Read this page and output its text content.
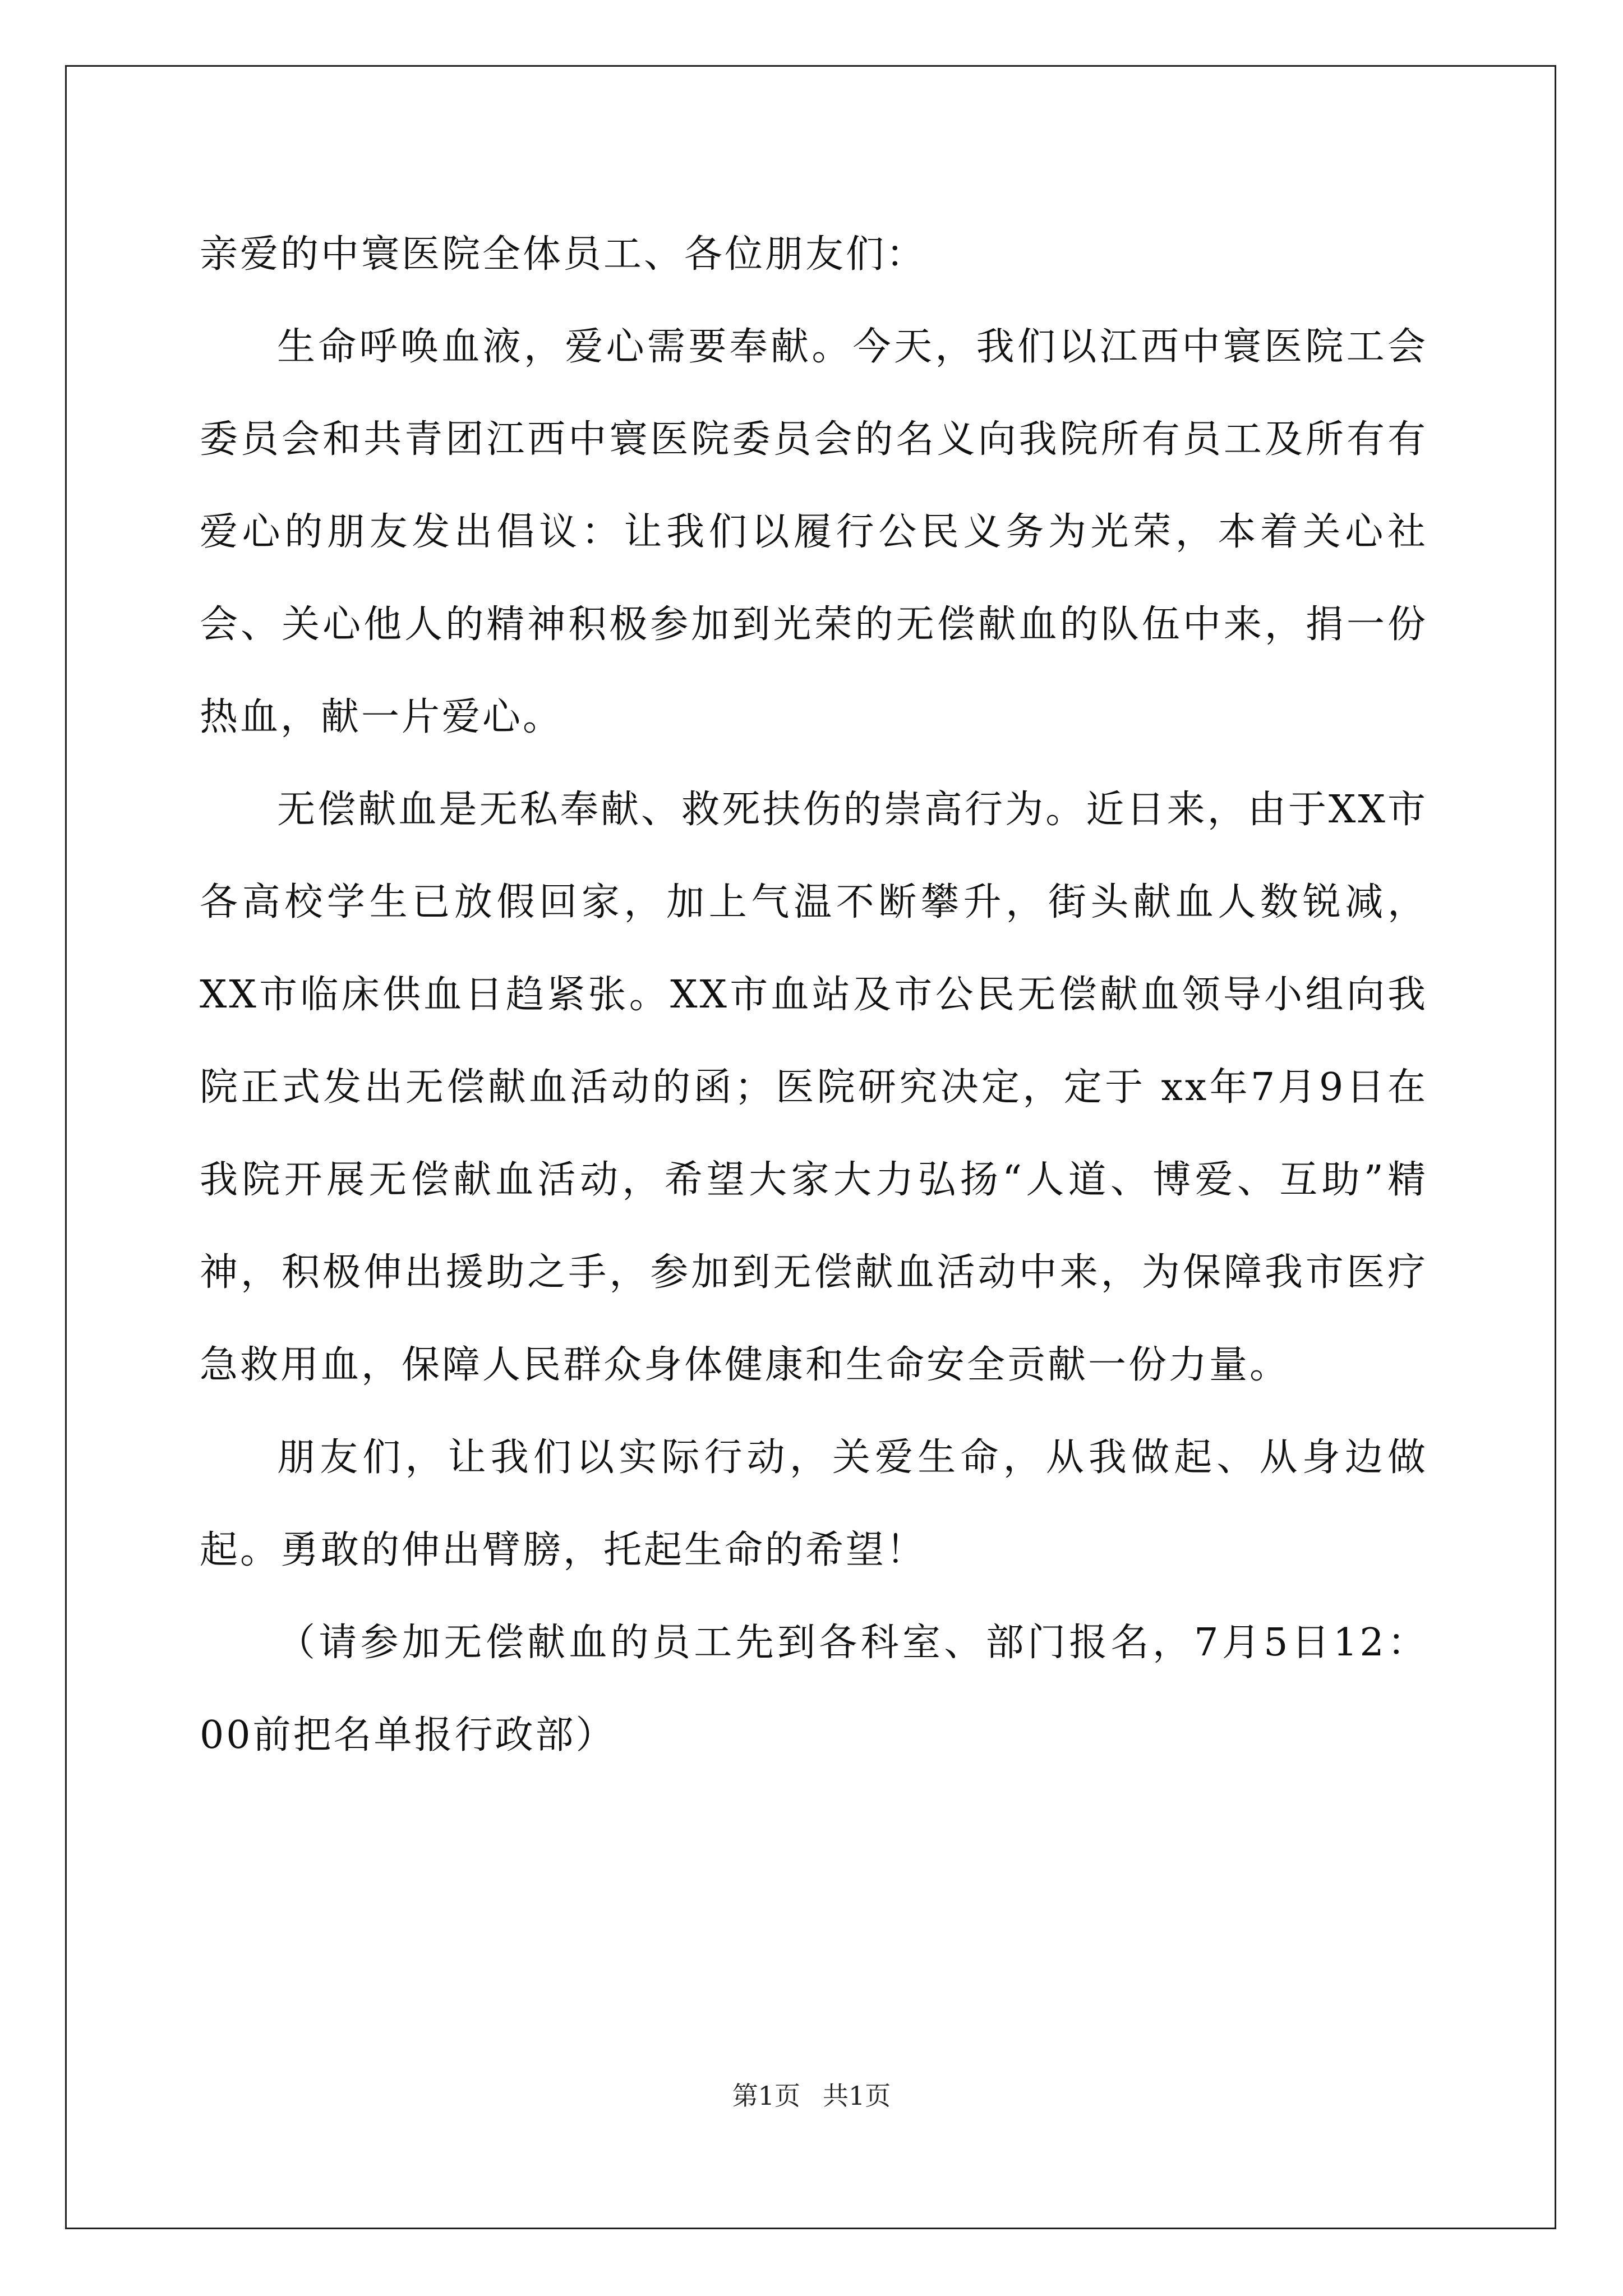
亲爱的中寰医院全体员工、各位朋友们：

生命呼唤血液，爱心需要奉献。今天，我们以江西中寰医院工会委员会和共青团江西中寰医院委员会的名义向我院所有员工及所有有爱心的朋友发出倡议：让我们以履行公民义务为光荣，本着关心社会、关心他人的精神积极参加到光荣的无偿献血的队伍中来，捐一份热血，献一片爱心。

无偿献血是无私奉献、救死扶伤的崇高行为。近日来，由于XX市各高校学生已放假回家，加上气温不断攀升，街头献血人数锐减，XX市临床供血日趋紧张。XX市血站及市公民无偿献血领导小组向我院正式发出无偿献血活动的函；医院研究决定，定于 xx年7月9日在我院开展无偿献血活动，希望大家大力弘扬“人道、博爱、互助”精神，积极伸出援助之手，参加到无偿献血活动中来，为保障我市医疗急救用血，保障人民群众身体健康和生命安全贡献一份力量。

朋友们，让我们以实际行动，关爱生命，从我做起、从身边做起。勇敢的伸出臂膀，托起生命的希望！

（请参加无偿献血的员工先到各科室、部门报名，7月5日12：00前把名单报行政部）

第1页 共1页
